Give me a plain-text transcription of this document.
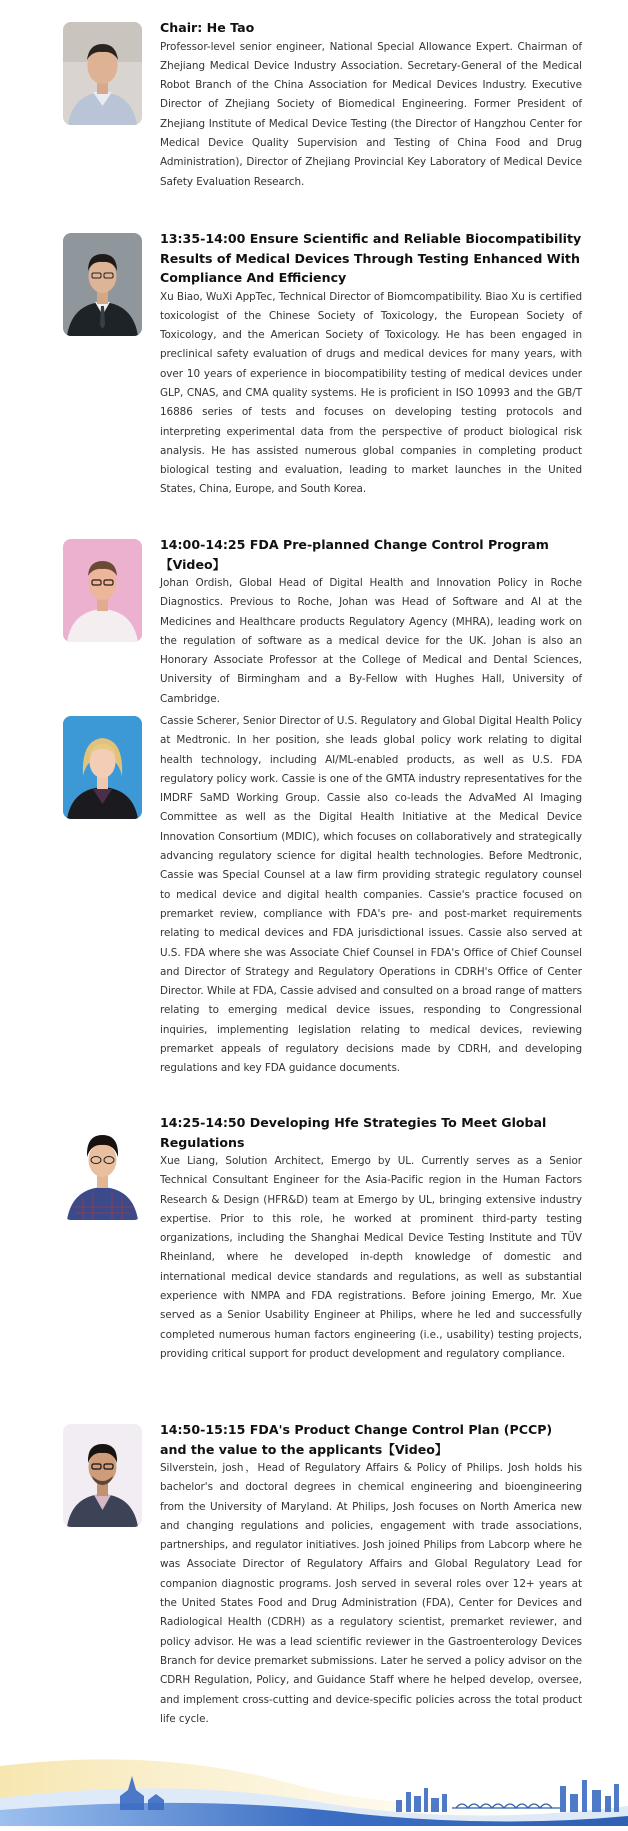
Chair: He Tao

Professor-level senior engineer, National Special Allowance Expert. Chairman of Zhejiang Medical Device Industry Association. Secretary-General of the Medical Robot Branch of the China Association for Medical Devices Industry. Executive Director of Zhejiang Society of Biomedical Engineering. Former President of Zhejiang Institute of Medical Device Testing (the Director of Hangzhou Center for Medical Device Quality Supervision and Testing of China Food and Drug Administration), Director of Zhejiang Provincial Key Laboratory of Medical Device Safety Evaluation Research.

13:35-14:00 Ensure Scientific and Reliable Biocompatibility Results of Medical Devices Through Testing Enhanced With Compliance And Efficiency

Xu Biao, WuXi AppTec, Technical Director of Biomcompatibility. Biao Xu is certified toxicologist of the Chinese Society of Toxicology, the European Society of Toxicology, and the American Society of Toxicology. He has been engaged in preclinical safety evaluation of drugs and medical devices for many years, with over 10 years of experience in biocompatibility testing of medical devices under GLP, CNAS, and CMA quality systems. He is proficient in ISO 10993 and the GB/T 16886 series of tests and focuses on developing testing protocols and interpreting experimental data from the perspective of product biological risk analysis. He has assisted numerous global companies in completing product biological testing and evaluation, leading to market launches in the United States, China, Europe, and South Korea.

14:00-14:25 FDA Pre-planned Change Control Program【Video】

Johan Ordish, Global Head of Digital Health and Innovation Policy in Roche Diagnostics. Previous to Roche, Johan was Head of Software and AI at the Medicines and Healthcare products Regulatory Agency (MHRA), leading work on the regulation of software as a medical device for the UK. Johan is also an Honorary Associate Professor at the College of Medical and Dental Sciences, University of Birmingham and a By-Fellow with Hughes Hall, University of Cambridge.

Cassie Scherer, Senior Director of U.S. Regulatory and Global Digital Health Policy at Medtronic. In her position, she leads global policy work relating to digital health technology, including AI/ML-enabled products, as well as U.S. FDA regulatory policy work. Cassie is one of the GMTA industry representatives for the IMDRF SaMD Working Group. Cassie also co-leads the AdvaMed AI Imaging Committee as well as the Digital Health Initiative at the Medical Device Innovation Consortium (MDIC), which focuses on collaboratively and strategically advancing regulatory science for digital health technologies. Before Medtronic, Cassie was Special Counsel at a law firm providing strategic regulatory counsel to medical device and digital health companies. Cassie's practice focused on premarket review, compliance with FDA's pre- and post-market requirements relating to medical devices and FDA jurisdictional issues. Cassie also served at U.S. FDA where she was Associate Chief Counsel in FDA's Office of Chief Counsel and Director of Strategy and Regulatory Operations in CDRH's Office of Center Director. While at FDA, Cassie advised and consulted on a broad range of matters relating to emerging medical device issues, responding to Congressional inquiries, implementing legislation relating to medical devices, reviewing premarket appeals of regulatory decisions made by CDRH, and developing regulations and key FDA guidance documents.

14:25-14:50 Developing Hfe Strategies To Meet Global Regulations

Xue Liang, Solution Architect, Emergo by UL. Currently serves as a Senior Technical Consultant Engineer for the Asia-Pacific region in the Human Factors Research & Design (HFR&D) team at Emergo by UL, bringing extensive industry expertise. Prior to this role, he worked at prominent third-party testing organizations, including the Shanghai Medical Device Testing Institute and TÜV Rheinland, where he developed in-depth knowledge of domestic and international medical device standards and regulations, as well as substantial experience with NMPA and FDA registrations. Before joining Emergo, Mr. Xue served as a Senior Usability Engineer at Philips, where he led and successfully completed numerous human factors engineering (i.e., usability) testing projects, providing critical support for product development and regulatory compliance.

14:50-15:15 FDA's Product Change Control Plan (PCCP) and the value to the applicants【Video】

Silverstein, josh，Head of Regulatory Affairs & Policy of Philips. Josh holds his bachelor's and doctoral degrees in chemical engineering and bioengineering from the University of Maryland. At Philips, Josh focuses on North America new and changing regulations and policies, engagement with trade associations, partnerships, and regulator initiatives. Josh joined Philips from Labcorp where he was Associate Director of Regulatory Affairs and Global Regulatory Lead for companion diagnostic programs. Josh served in several roles over 12+ years at the United States Food and Drug Administration (FDA), Center for Devices and Radiological Health (CDRH) as a regulatory scientist, premarket reviewer, and policy advisor. He was a lead scientific reviewer in the Gastroenterology Devices Branch for device premarket submissions. Later he served a policy advisor on the CDRH Regulation, Policy, and Guidance Staff where he helped develop, oversee, and implement cross-cutting and device-specific policies across the total product life cycle.
